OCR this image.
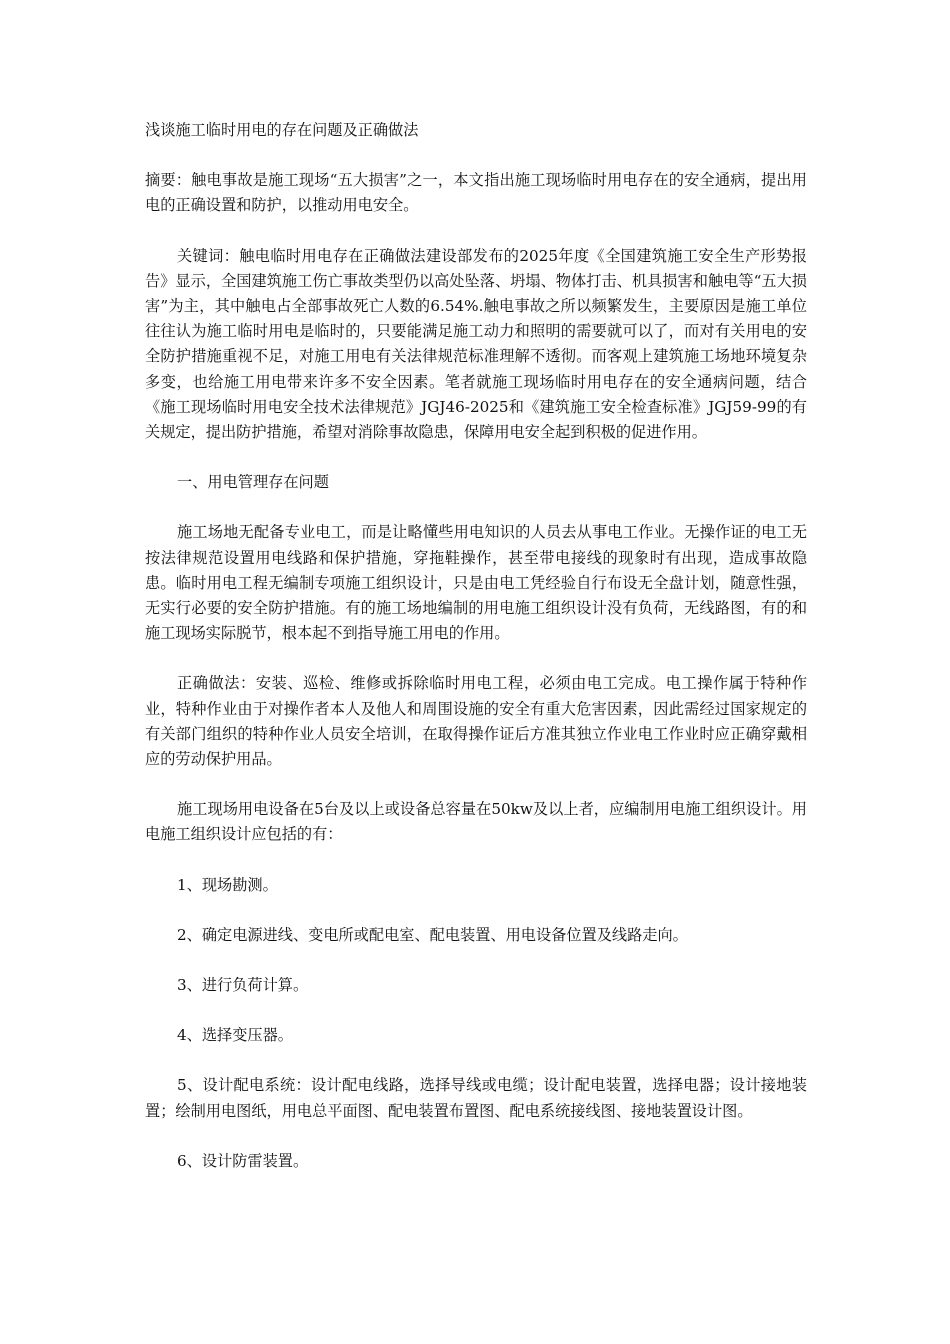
浅谈施工临时用电的存在问题及正确做法

摘要：触电事故是施工现场“五大损害”之一，本文指出施工现场临时用电存在的安全通病，提出用电的正确设置和防护，以推动用电安全。

关键词：触电临时用电存在正确做法建设部发布的2025年度《全国建筑施工安全生产形势报告》显示，全国建筑施工伤亡事故类型仍以高处坠落、坍塌、物体打击、机具损害和触电等“五大损害”为主，其中触电占全部事故死亡人数的6.54%.触电事故之所以频繁发生，主要原因是施工单位往往认为施工临时用电是临时的，只要能满足施工动力和照明的需要就可以了，而对有关用电的安全防护措施重视不足，对施工用电有关法律规范标准理解不透彻。而客观上建筑施工场地环境复杂多变，也给施工用电带来许多不安全因素。笔者就施工现场临时用电存在的安全通病问题，结合《施工现场临时用电安全技术法律规范》JGJ46-2025和《建筑施工安全检查标准》JGJ59-99的有关规定，提出防护措施，希望对消除事故隐患，保障用电安全起到积极的促进作用。

一、用电管理存在问题

施工场地无配备专业电工，而是让略懂些用电知识的人员去从事电工作业。无操作证的电工无按法律规范设置用电线路和保护措施，穿拖鞋操作，甚至带电接线的现象时有出现，造成事故隐患。临时用电工程无编制专项施工组织设计，只是由电工凭经验自行布设无全盘计划，随意性强，无实行必要的安全防护措施。有的施工场地编制的用电施工组织设计没有负荷，无线路图，有的和施工现场实际脱节，根本起不到指导施工用电的作用。

正确做法：安装、巡检、维修或拆除临时用电工程，必须由电工完成。电工操作属于特种作业，特种作业由于对操作者本人及他人和周围设施的安全有重大危害因素，因此需经过国家规定的有关部门组织的特种作业人员安全培训，在取得操作证后方准其独立作业电工作业时应正确穿戴相应的劳动保护用品。

施工现场用电设备在5台及以上或设备总容量在50kw及以上者，应编制用电施工组织设计。用电施工组织设计应包括的有：

1、现场勘测。

2、确定电源进线、变电所或配电室、配电装置、用电设备位置及线路走向。

3、进行负荷计算。

4、选择变压器。

5、设计配电系统：设计配电线路，选择导线或电缆；设计配电装置，选择电器；设计接地装置；绘制用电图纸，用电总平面图、配电装置布置图、配电系统接线图、接地装置设计图。

6、设计防雷装置。
